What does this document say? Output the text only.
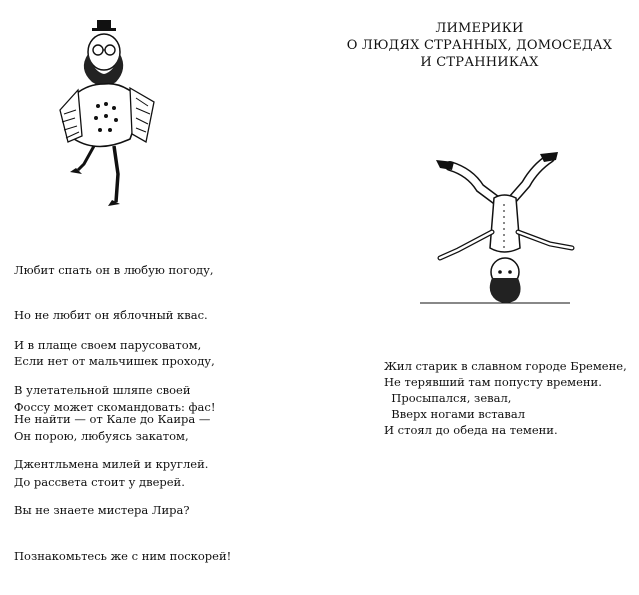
Любит спать он в любую погоду,

Но не любит он яблочный квас.

Если нет от мальчишек проходу,

Фоссу может скомандовать: фас!

И в плаще своем парусоватом,

В улетательной шляпе своей

Он порою, любуясь закатом,

До рассвета стоит у дверей.

Не найти — от Кале до Каира —

Джентльмена милей и круглей.

Вы не знаете мистера Лира?

Познакомьтесь же с ним поскорей!

ЛИМЕРИКИ
О ЛЮДЯХ СТРАННЫХ, ДОМОСЕДАХ
И СТРАННИКАХ

Жил старик в славном городе Бремене,

Не терявший там попусту времени.

Просыпался, зевал,

Вверх ногами вставал

И стоял до обеда на темени.
